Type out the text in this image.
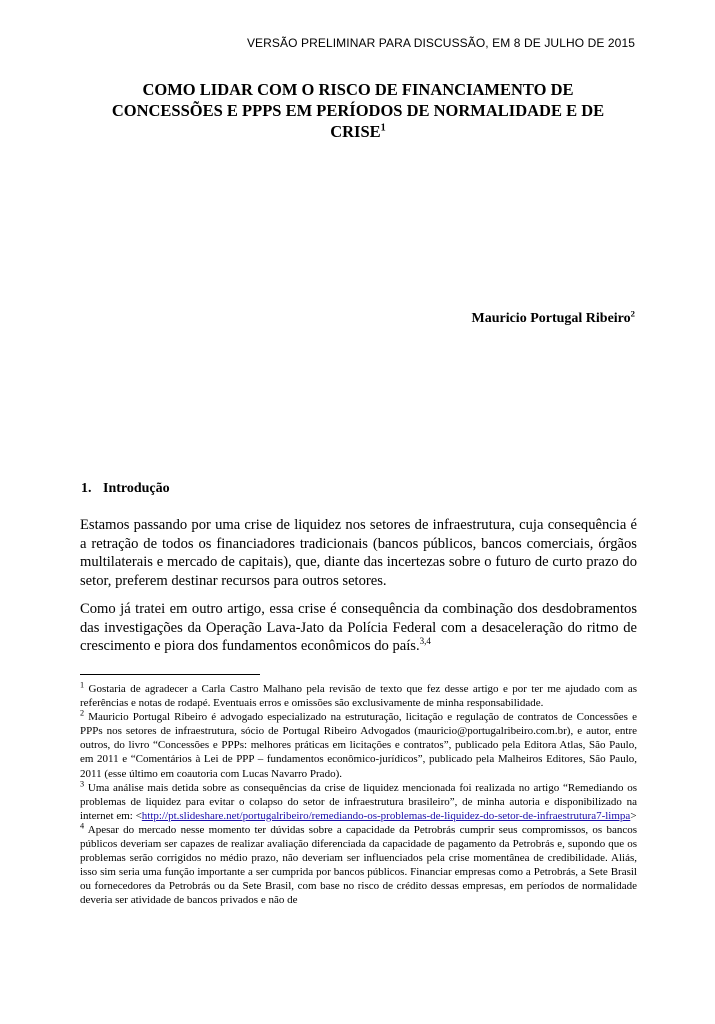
VERSÃO PRELIMINAR PARA DISCUSSÃO, EM 8 DE JULHO DE 2015
COMO LIDAR COM O RISCO DE FINANCIAMENTO DE CONCESSÕES E PPPS EM PERÍODOS DE NORMALIDADE E DE CRISE$^1$
Mauricio Portugal Ribeiro$^2$
1. Introdução

Estamos passando por uma crise de liquidez nos setores de infraestrutura, cuja consequência é a retração de todos os financiadores tradicionais (bancos públicos, bancos comerciais, órgãos multilaterais e mercado de capitais), que, diante das incertezas sobre o futuro de curto prazo do setor, preferem destinar recursos para outros setores.

Como já tratei em outro artigo, essa crise é consequência da combinação dos desdobramentos das investigações da Operação Lava-Jato da Polícia Federal com a desaceleração do ritmo de crescimento e piora dos fundamentos econômicos do país.$^{3,4}$

$^1$ Gostaria de agradecer a Carla Castro Malhano pela revisão de texto que fez desse artigo e por ter me ajudado com as referências e notas de rodapé. Eventuais erros e omissões são exclusivamente de minha responsabilidade.

$^2$ Mauricio Portugal Ribeiro é advogado especializado na estruturação, licitação e regulação de contratos de Concessões e PPPs nos setores de infraestrutura, sócio de Portugal Ribeiro Advogados (mauricio@portugalribeiro.com.br), e autor, entre outros, do livro “Concessões e PPPs: melhores práticas em licitações e contratos”, publicado pela Editora Atlas, São Paulo, em 2011 e “Comentários à Lei de PPP – fundamentos econômico-jurídicos”, publicado pela Malheiros Editores, São Paulo, 2011 (esse último em coautoria com Lucas Navarro Prado).

$^3$ Uma análise mais detida sobre as consequências da crise de liquidez mencionada foi realizada no artigo “Remediando os problemas de liquidez para evitar o colapso do setor de infraestrutura brasileiro”, de minha autoria e disponibilizado na internet em: <http://pt.slideshare.net/portugalribeiro/remediando-os-problemas-de-liquidez-do-setor-de-infraestrutura7-limpa>

$^4$ Apesar do mercado nesse momento ter dúvidas sobre a capacidade da Petrobrás cumprir seus compromissos, os bancos públicos deveriam ser capazes de realizar avaliação diferenciada da capacidade de pagamento da Petrobrás e, supondo que os problemas serão corrigidos no médio prazo, não deveriam ser influenciados pela crise momentânea de credibilidade. Aliás, isso sim seria uma função importante a ser cumprida por bancos públicos. Financiar empresas como a Petrobrás, a Sete Brasil ou fornecedores da Petrobrás ou da Sete Brasil, com base no risco de crédito dessas empresas, em períodos de normalidade deveria ser atividade de bancos privados e não de
